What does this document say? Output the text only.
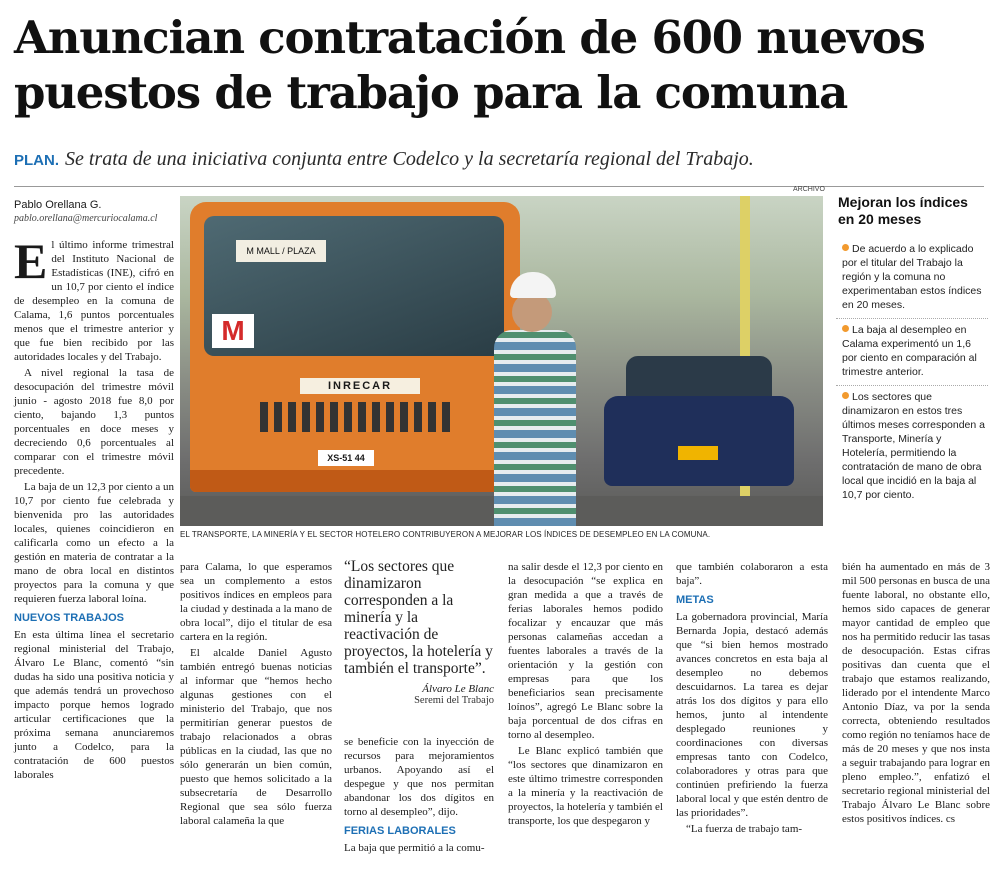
Anuncian contratación de 600 nuevos
puestos de trabajo para la comuna
PLAN. Se trata de una iniciativa conjunta entre Codelco y la secretaría regional del Trabajo.
Pablo Orellana G.
pablo.orellana@mercuriocalama.cl

El último informe trimestral del Instituto Nacional de Estadísticas (INE), cifró en un 10,7 por ciento el índice de desempleo en la comuna de Calama, 1,6 puntos porcentuales menos que el trimestre anterior y que fue bien recibido por las autoridades locales y del Trabajo.

A nivel regional la tasa de desocupación del trimestre móvil junio - agosto 2018 fue 8,0 por ciento, bajando 1,3 puntos porcentuales en doce meses y decreciendo 0,6 porcentuales al comparar con el trimestre móvil precedente.

La baja de un 12,3 por ciento a un 10,7 por ciento fue celebrada y bienvenida pro las autoridades locales, quienes coincidieron en calificarla como un efecto a la gestión en materia de contratar a la mano de obra local en distintos proyectos para la comuna y que requieren fuerza laboral loína.

NUEVOS TRABAJOS

En esta última línea el secretario regional ministerial del Trabajo, Álvaro Le Blanc, comentó “sin dudas ha sido una positiva noticia y que además tendrá un provechoso impacto porque hemos logrado articular certificaciones que la próxima semana anunciaremos junto a Codelco, para la contratación de 600 puestos laborales

M MALL / PLAZA
M
INRECAR
XS-51 44
ARCHIVO
EL TRANSPORTE, LA MINERÍA Y EL SECTOR HOTELERO CONTRIBUYERON A MEJORAR LOS ÍNDICES DE DESEMPLEO EN LA COMUNA.
Mejoran los índices en 20 meses
De acuerdo a lo explicado por el titular del Trabajo la región y la comuna no experimentaban estos índices en 20 meses.
La baja al desempleo en Calama experimentó un 1,6 por ciento en comparación al trimestre anterior.
Los sectores que dinamizaron en estos tres últimos meses corresponden a Transporte, Minería y Hotelería, permitiendo la contratación de mano de obra local que incidió en la baja al 10,7 por ciento.

para Calama, lo que esperamos sea un complemento a estos positivos índices en empleos para la ciudad y destinada a la mano de obra local”, dijo el titular de esa cartera en la región.

El alcalde Daniel Agusto también entregó buenas noticias al informar que “hemos hecho algunas gestiones con el ministerio del Trabajo, que nos permitirían generar puestos de trabajo relacionados a obras públicas en la ciudad, las que no sólo generarán un bien común, puesto que hemos solicitado a la subsecretaría de Desarrollo Regional que sea sólo fuerza laboral calameña la que

“Los sectores que dinamizaron corresponden a la minería y la reactivación de proyectos, la hotelería y también el transporte”.
Álvaro Le Blanc
Seremi del Trabajo

se beneficie con la inyección de recursos para mejoramientos urbanos. Apoyando así el despegue y que nos permitan abandonar los dos dígitos en torno al desempleo”, dijo.

FERIAS LABORALES

La baja que permitió a la comu-

na salir desde el 12,3 por ciento en la desocupación “se explica en gran medida a que a través de ferias laborales hemos podido focalizar y encauzar que más personas calameñas accedan a fuentes laborales a través de la orientación y la gestión con empresas para que los beneficiarios sean precisamente loínos”, agregó Le Blanc sobre la baja porcentual de dos cifras en torno al desempleo.

Le Blanc explicó también que “los sectores que dinamizaron en este último trimestre corresponden a la minería y la reactivación de proyectos, la hotelería y también el transporte, los que despegaron y

que también colaboraron a esta baja”.

METAS

La gobernadora provincial, María Bernarda Jopia, destacó además que “si bien hemos mostrado avances concretos en esta baja al desempleo no debemos descuidarnos. La tarea es dejar atrás los dos dígitos y para ello hemos, junto al intendente desplegado reuniones y coordinaciones con diversas empresas tanto con Codelco, colaboradores y otras para que continúen prefiriendo la fuerza laboral local y que estén dentro de las prioridades”.

“La fuerza de trabajo tam-

bién ha aumentado en más de 3 mil 500 personas en busca de una fuente laboral, no obstante ello, hemos sido capaces de generar mayor cantidad de empleo que nos ha permitido reducir las tasas de desocupación. Estas cifras positivas dan cuenta que el trabajo que estamos realizando, liderado por el intendente Marco Antonio Díaz, va por la senda correcta, obteniendo resultados como región no teníamos hace de más de 20 meses y que nos insta a seguir trabajando para lograr en pleno empleo.”, enfatizó el secretario regional ministerial del Trabajo Álvaro Le Blanc sobre estos positivos índices. cs
